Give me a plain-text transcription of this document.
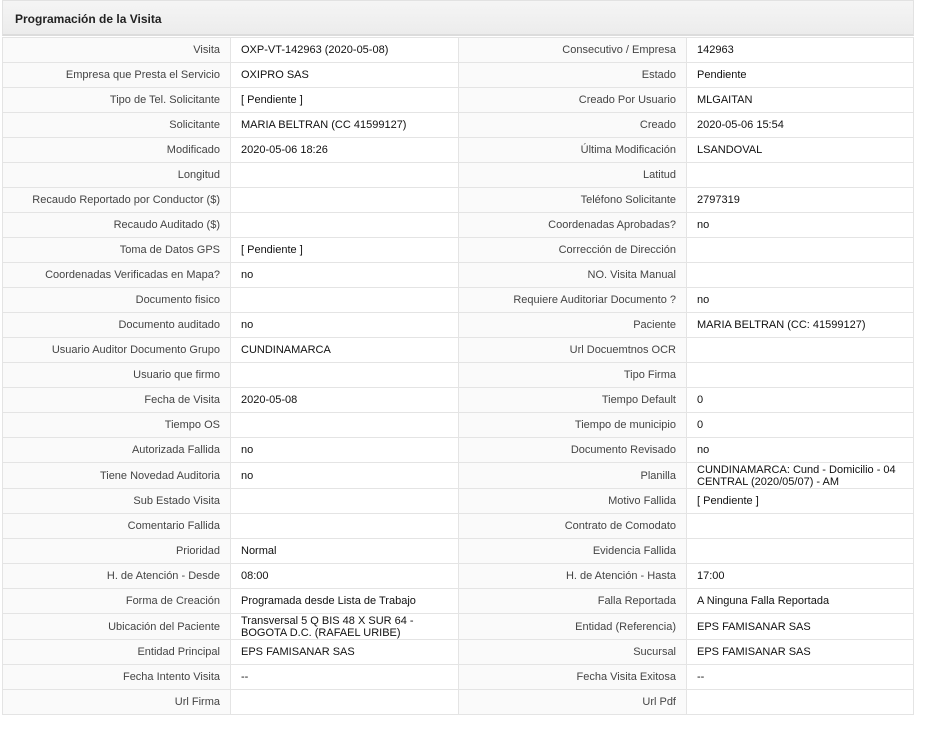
Programación de la Visita
Visita	OXP-VT-142963 (2020-05-08)	Consecutivo / Empresa	142963
Empresa que Presta el Servicio	OXIPRO SAS	Estado	Pendiente
Tipo de Tel. Solicitante	[ Pendiente ]	Creado Por Usuario	MLGAITAN
Solicitante	MARIA BELTRAN (CC 41599127)	Creado	2020-05-06 15:54
Modificado	2020-05-06 18:26	Última Modificación	LSANDOVAL
Longitud		Latitud	
Recaudo Reportado por Conductor ($)		Teléfono Solicitante	2797319
Recaudo Auditado ($)		Coordenadas Aprobadas?	no
Toma de Datos GPS	[ Pendiente ]	Corrección de Dirección	
Coordenadas Verificadas en Mapa?	no	NO. Visita Manual	
Documento fisico		Requiere Auditoriar Documento ?	no
Documento auditado	no	Paciente	MARIA BELTRAN (CC: 41599127)
Usuario Auditor Documento Grupo	CUNDINAMARCA	Url Docuemtnos OCR	
Usuario que firmo		Tipo Firma	
Fecha de Visita	2020-05-08	Tiempo Default	0
Tiempo OS		Tiempo de municipio	0
Autorizada Fallida	no	Documento Revisado	no
Tiene Novedad Auditoria	no	Planilla	CUNDINAMARCA: Cund - Domicilio - 04 CENTRAL (2020/05/07) - AM
Sub Estado Visita		Motivo Fallida	[ Pendiente ]
Comentario Fallida		Contrato de Comodato	
Prioridad	Normal	Evidencia Fallida	
H. de Atención - Desde	08:00	H. de Atención - Hasta	17:00
Forma de Creación	Programada desde Lista de Trabajo	Falla Reportada	A Ninguna Falla Reportada
Ubicación del Paciente	Transversal 5 Q BIS 48 X SUR 64 - BOGOTA D.C. (RAFAEL URIBE)	Entidad (Referencia)	EPS FAMISANAR SAS
Entidad Principal	EPS FAMISANAR SAS	Sucursal	EPS FAMISANAR SAS
Fecha Intento Visita	--	Fecha Visita Exitosa	--
Url Firma		Url Pdf	
